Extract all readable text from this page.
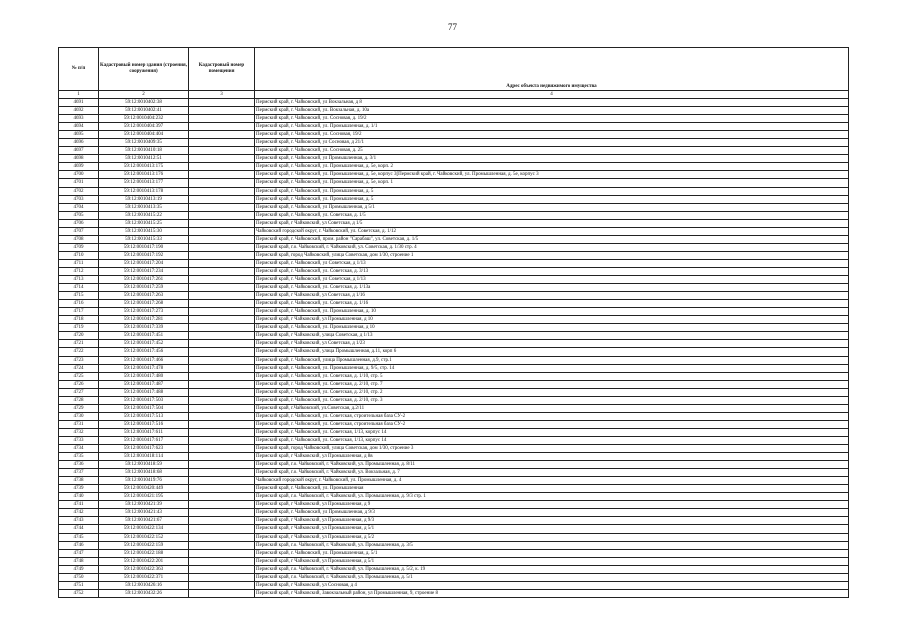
77
№ п/п	Кадастровый номер здания (строения, сооружения)	Кадастровый номер помещения	Адрес объекта недвижимого имущества
1	2	3	4
4691	59:12:0010402:38		Пермский край, г. Чайковский, ул Вокзальная, д 8
4692	59:12:0010402:41		Пермский край, г. Чайковский, ул. Вокзальная, д. 10а
4693	59:12:0010404:232		Пермский край, г. Чайковский, ул. Сосновая, д. 19/2
4694	59:12:0010404:397		Пермский край, г. Чайковский, ул. Промышленная, д. 1/1
4695	59:12:0010404:404		Пермский край, г. Чайковский, ул. Сосновая, 19/2
4696	59:12:0010409:35		Пермский край, г. Чайковский, ул Сосновая, д 21/1
4697	59:12:0010410:18		Пермский край, г. Чайковский, ул. Сосновая, д. 25
4698	59:12:0010412:51		Пермский край, г. Чайковский, ул Промышленная, д. 3/1
4699	59:12:0010413:175		Пермский край, г. Чайковский, ул. Промышленная, д. 5е, корп. 2
4700	59:12:0010413:176		Пермский край, г. Чайковский, ул. Промышленная, д. 5е, корпус 3[Пермский край, г. Чайковский, ул. Промышленная, д. 5е, корпус 3
4701	59:12:0010413:177		Пермский край, г. Чайковский, ул. Промышленная, д. 5е, корп. 1
4702	59:12:0010413:178		Пермский край, г. Чайковский, ул. Промышленная, д. 5
4703	59:12:0010413:19		Пермский край, г. Чайковский, ул. Промышленная, д. 5
4704	59:12:0010413:35		Пермский край, г. Чайковский, ул Промышленная, д 5/1
4705	59:12:0010415:22		Пермский край, г. Чайковский, ул. Советская, д. 1/5
4706	59:12:0010415:25		Пермский край, г Чайковский, ул Советская, д 1/5
4707	59:12:0010415:30		Чайковский городской округ, г. Чайковский, ул. Советская, д. 1/12
4708	59:12:0010415:33		Пермский край, г. Чайковский, пром. район "Сарабаш", ул. Советская, д. 1/5
4709	59:12:0010417:190		Пермский край, г.о. Чайковский, г. Чайковский, ул. Советская, д. 1/30 стр. 4
4710	59:12:0010417:192		Пермский край, город Чайковский, улица Советская, дом 1/30, строение 1
4711	59:12:0010417:204		Пермский край, г. Чайковский, ул Советская, д 1/13
4712	59:12:0010417:234		Пермский край, г. Чайковский, ул. Советская, д. 3/13
4713	59:12:0010417:261		Пермский край, г. Чайковский, ул Советская, д 1/13
4714	59:12:0010417:259		Пермский край, г. Чайковский, ул. Советская, д. 1/13а
4715	59:12:0010417:263		Пермский край, г Чайковский, ул Советская, д 1/16
4716	59:12:0010417:268		Пермский край, г. Чайковский, ул. Советская, д. 1/16
4717	59:12:0010417:273		Пермский край, г. Чайковский, ул. Промышленная, д. 10
4718	59:12:0010417:281		Пермский край, г Чайковский, ул Промышленная, д 10
4719	59:12:0010417:339		Пермский край, г. Чайковский, ул. Промышленная, д 10
4720	59:12:0010417:451		Пермский край, г Чайковский, улица Советская, д 1/13
4721	59:12:0010417:452		Пермский край, г Чайковский, ул Советская, д 1/23
4722	59:12:0010417:456		Пермский край, г Чайковский, улица Промышленная, д.11, корп 6
4723	59:12:0010417:466		Пермский край, г. Чайковский, улица Промышленная, д.9, стр.1
4724	59:12:0010417:478		Пермский край, г. Чайковский, ул. Промышленная, д. 9/5, стр. 14
4725	59:12:0010417:480		Пермский край, г. Чайковский, ул. Советская, д. 1/10, стр. 5
4726	59:12:0010417:487		Пермский край, г. Чайковский, ул. Советская, д. 2/10, стр. 7
4727	59:12:0010417:488		Пермский край, г. Чайковский, ул. Советская, д. 2/10, стр. 2
4728	59:12:0010417:503		Пермский край, г. Чайковский, ул. Советская, д. 2/10, стр. 3
4729	59:12:0010417:504		Пермский край, г.Чайковский, ул.Советская, д.2/11
4730	59:12:0010417:513		Пермский край, г. Чайковский, ул. Советская, строительная база СУ-2
4731	59:12:0010417:516		Пермский край, г. Чайковский, ул. Советская, строительная база СУ-2
4732	59:12:0010417:611		Пермский край, г. Чайковский, ул. Советская, 1/13, корпус 14
4733	59:12:0010417:617		Пермский край, г. Чайковский, ул. Советская, 1/13, корпус 14
4734	59:12:0010417:623		Пермский край, город Чайковский, улица Советская, дом 1/30, строение 3
4735	59:12:0010418:114		Пермский край, г Чайковский, ул Промышленная, д 8в
4736	59:12:0010418:59		Пермский край, г.о. Чайковский, г. Чайковский, ул. Промышленная, д. 8/11
4737	59:12:0010418:68		Пермский край, г.о. Чайковский, г. Чайковский, ул. Вокзальная, д. 7
4738	59:12:0010419:76		Чайковский городской округ, г. Чайковский, ул. Промышленная, д. 4
4739	59:12:0010420:449		Пермский край, г. Чайковский, ул. Промышленная
4740	59:12:0010421:195		Пермский край, г.о. Чайковский, г. Чайковский, ул. Промышленная, д. 9/3 стр. 1
4741	59:12:0010421:39		Пермский край, г Чайковский, ул Промышленная, д 9
4742	59:12:0010421:43		Пермский край, г. Чайковский, ул Промышленная, д 9/3
4743	59:12:0010421:67		Пермский край, г Чайковский, ул Промышленная, д 9/3
4744	59:12:0010422:134		Пермский край, г Чайковский, ул Промышленная, д 5/1
4745	59:12:0010422:152		Пермский край, г Чайковский, ул Промышленная, д 5/2
4746	59:12:0010422:159		Пермский край, г.о. Чайковский, г. Чайковский, ул. Промышленная, д. 3/5
4747	59:12:0010422:188		Пермский край, г. Чайковский, ул. Промышленная, д. 5/1
4748	59:12:0010422:201		Пермский край, г Чайковский, ул Промышленная, д 5/1
4749	59:12:0010422:363		Пермский край, г.о. Чайковский, г. Чайковский, ул. Промышленная, д. 5/2, к. 19
4750	59:12:0010422:371		Пермский край, г.о. Чайковский, г. Чайковский, ул. Промышленная, д. 5/1
4751	59:12:0010426:16		Пермский край, г Чайковский, ул Сосновая, д 4
4752	59:12:0010432:26		Пермский край, г Чайковский, Завокзальный район, ул Промышленная, 9, строение 8
